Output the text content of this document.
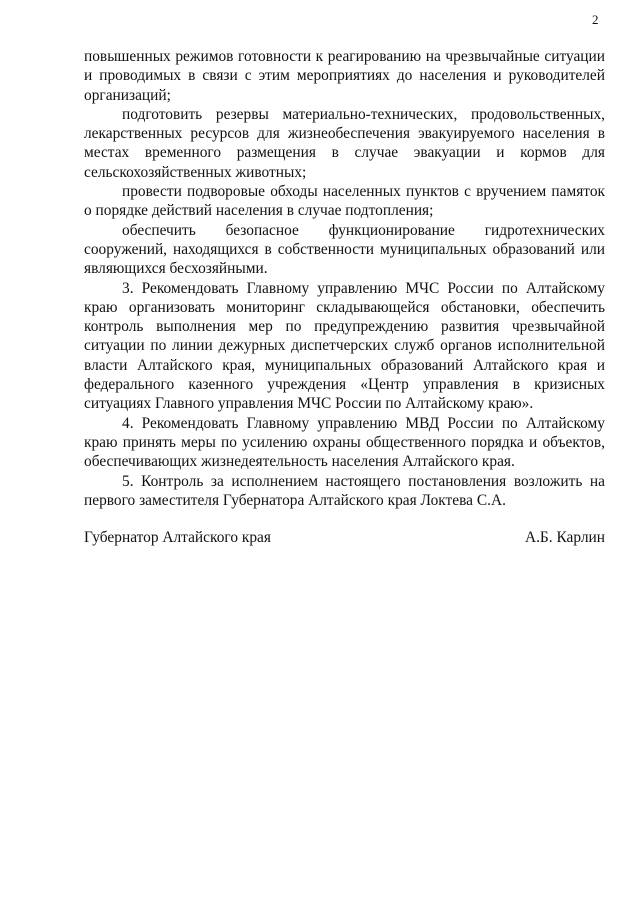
2

повышенных режимов готовности к реагированию на чрезвычайные ситуации и проводимых в связи с этим мероприятиях до населения и руководителей организаций;

подготовить резервы материально-технических, продовольственных, лекарственных ресурсов для жизнеобеспечения эвакуируемого населения в местах временного размещения в случае эвакуации и кормов для сельскохозяйственных животных;

провести подворовые обходы населенных пунктов с вручением памяток о порядке действий населения в случае подтопления;

обеспечить безопасное функционирование гидротехнических сооружений, находящихся в собственности муниципальных образований или являющихся бесхозяйными.

3. Рекомендовать Главному управлению МЧС России по Алтайскому краю организовать мониторинг складывающейся обстановки, обеспечить контроль выполнения мер по предупреждению развития чрезвычайной ситуации по линии дежурных диспетчерских служб органов исполнительной власти Алтайского края, муниципальных образований Алтайского края и федерального казенного учреждения «Центр управления в кризисных ситуациях Главного управления МЧС России по Алтайскому краю».

4. Рекомендовать Главному управлению МВД России по Алтайскому краю принять меры по усилению охраны общественного порядка и объектов, обеспечивающих жизнедеятельность населения Алтайского края.

5. Контроль за исполнением настоящего постановления возложить на первого заместителя Губернатора Алтайского края Локтева С.А.

Губернатор Алтайского края	А.Б. Карлин
